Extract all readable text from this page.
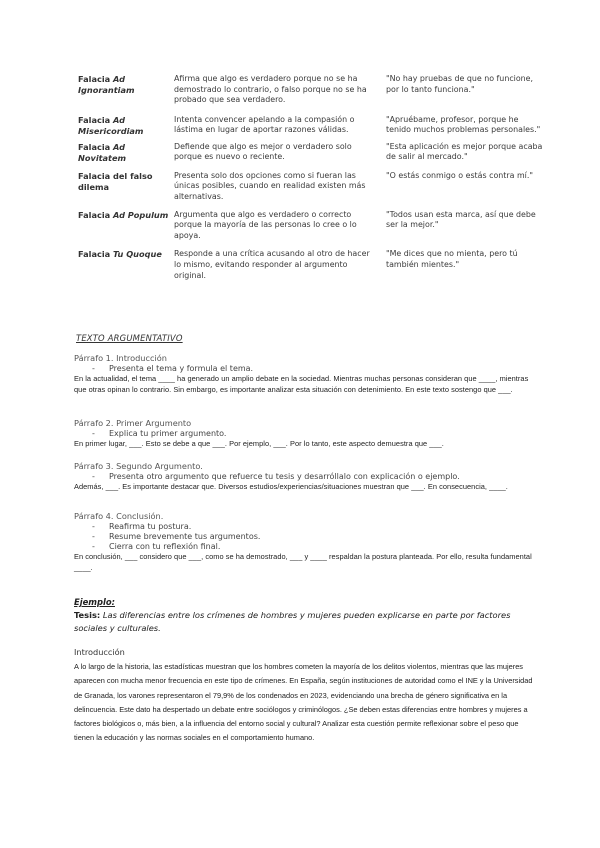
Falacia Ad Ignorantiam
Afirma que algo es verdadero porque no se ha demostrado lo contrario, o falso porque no se ha probado que sea verdadero.
"No hay pruebas de que no funcione, por lo tanto funciona."
Falacia Ad Misericordiam
Intenta convencer apelando a la compasión o lástima en lugar de aportar razones válidas.
"Apruébame, profesor, porque he tenido muchos problemas personales."
Falacia Ad Novitatem
Defiende que algo es mejor o verdadero solo porque es nuevo o reciente.
"Esta aplicación es mejor porque acaba de salir al mercado."
Falacia del falso dilema
Presenta solo dos opciones como si fueran las únicas posibles, cuando en realidad existen más alternativas.
"O estás conmigo o estás contra mí."
Falacia Ad Populum Argumenta que algo es verdadero o correcto porque la mayoría de las personas lo cree o lo apoya.
"Todos usan esta marca, así que debe ser la mejor."
Falacia Tu Quoque	Responde a una crítica acusando al otro de hacer lo mismo, evitando responder al argumento original.
"Me dices que no mienta, pero tú también mientes."
TEXTO ARGUMENTATIVO
Párrafo 1. Introducción
- Presenta el tema y formula el tema.
En la actualidad, el tema ____ ha generado un amplio debate en la sociedad. Mientras muchas personas consideran que ____, mientras que otras opinan lo contrario. Sin embargo, es importante analizar esta situación con detenimiento. En este texto sostengo que ___.
Párrafo 2. Primer Argumento
- Explica tu primer argumento.
En primer lugar, ___. Esto se debe a que ___. Por ejemplo, ___. Por lo tanto, este aspecto demuestra que ___.
Párrafo 3. Segundo Argumento.
- Presenta otro argumento que refuerce tu tesis y desarróllalo con explicación o ejemplo.
Además, ___. Es importante destacar que. Diversos estudios/experiencias/situaciones muestran que ___. En consecuencia, ____.
Párrafo 4. Conclusión.
- Reafirma tu postura.
- Resume brevemente tus argumentos.
- Cierra con tu reflexión final.
En conclusión, ___ considero que ___, como se ha demostrado, ___ y ____ respaldan la postura planteada. Por ello, resulta fundamental ____.
Ejemplo:
Tesis: Las diferencias entre los crímenes de hombres y mujeres pueden explicarse en parte por factores sociales y culturales.
Introducción
A lo largo de la historia, las estadísticas muestran que los hombres cometen la mayoría de los delitos violentos, mientras que las mujeres aparecen con mucha menor frecuencia en este tipo de crímenes. En España, según instituciones de autoridad como el INE y la Universidad de Granada, los varones representaron el 79,9% de los condenados en 2023, evidenciando una brecha de género significativa en la delincuencia. Este dato ha despertado un debate entre sociólogos y criminólogos. ¿Se deben estas diferencias entre hombres y mujeres a factores biológicos o, más bien, a la influencia del entorno social y cultural? Analizar esta cuestión permite reflexionar sobre el peso que tienen la educación y las normas sociales en el comportamiento humano.
